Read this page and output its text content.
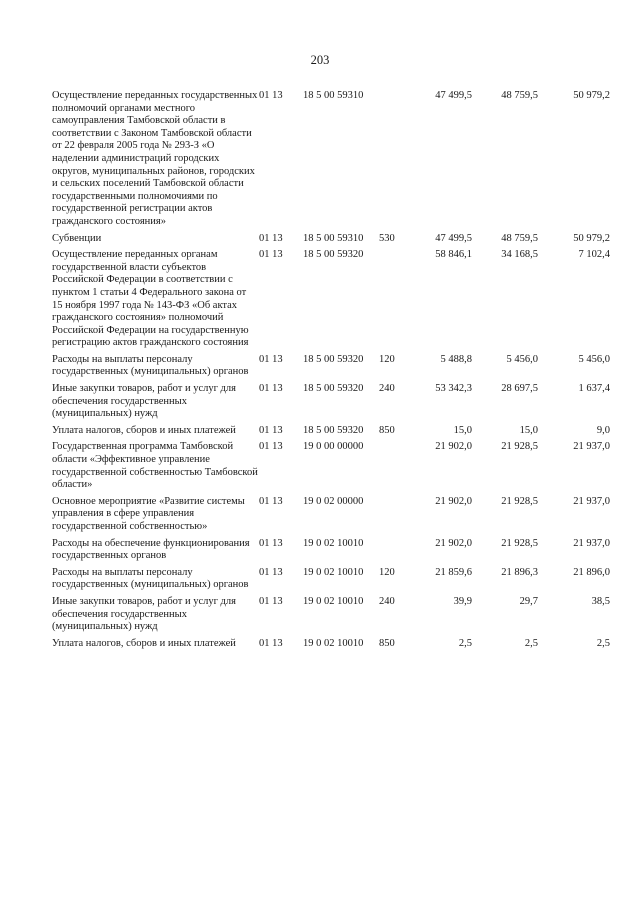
203
Осуществление переданных государственных полномочий органами местного самоуправления Тамбовской области в соответствии с Законом Тамбовской области от 22 февраля 2005 года № 293-З «О наделении администраций городских округов, муниципальных районов, городских и сельских поселений Тамбовской области государственными полномочиями по государственной регистрации актов гражданского состояния»
01 13 18 5 00 59310	47 499,5	48 759,5	50 979,2
Субвенции	01 13 18 5 00 59310 530	47 499,5	48 759,5	50 979,2
Осуществление переданных органам государственной власти субъектов Российской Федерации в соответствии с пунктом 1 статьи 4 Федерального закона от 15 ноября 1997 года № 143-ФЗ «Об актах гражданского состояния» полномочий Российской Федерации на государственную регистрацию актов гражданского состояния
01 13 18 5 00 59320	58 846,1	34 168,5	7 102,4
Расходы на выплаты персоналу государственных (муниципальных) органов
01 13 18 5 00 59320 120	5 488,8	5 456,0	5 456,0
Иные закупки товаров, работ и услуг для обеспечения государственных (муниципальных) нужд
01 13 18 5 00 59320 240	53 342,3	28 697,5	1 637,4
Уплата налогов, сборов и иных платежей	01 13 18 5 00 59320 850	15,0	15,0	9,0
Государственная программа Тамбовской области «Эффективное управление государственной собственностью Тамбовской области»
01 13 19 0 00 00000	21 902,0	21 928,5	21 937,0
Основное мероприятие «Развитие системы управления в сфере управления государственной собственностью»
01 13 19 0 02 00000	21 902,0	21 928,5	21 937,0
Расходы на обеспечение функционирования государственных органов
01 13 19 0 02 10010	21 902,0	21 928,5	21 937,0
Расходы на выплаты персоналу государственных (муниципальных) органов
01 13 19 0 02 10010 120	21 859,6	21 896,3	21 896,0
Иные закупки товаров, работ и услуг для обеспечения государственных (муниципальных) нужд
01 13 19 0 02 10010 240	39,9	29,7	38,5
Уплата налогов, сборов и иных платежей	01 13 19 0 02 10010 850	2,5	2,5	2,5
